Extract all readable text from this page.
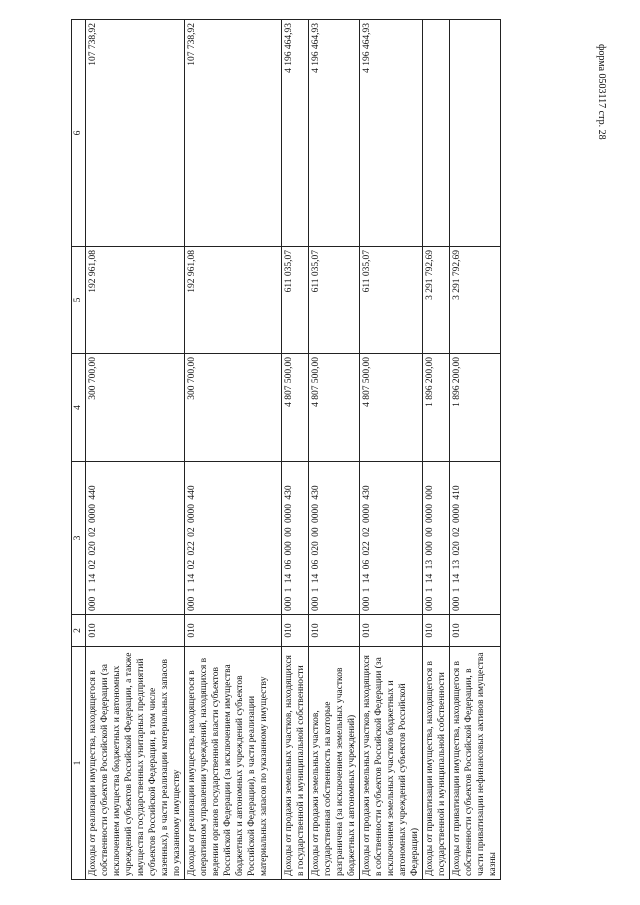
форма 0503117 стр. 28
1	2	3	4	5	6
Доходы от реализации имущества, находящегося в собственности субъектов Российской Федерации (за исключением имущества бюджетных и автономных учреждений субъектов Российской Федерации, а также имущества государственных унитарных предприятий субъектов Российской Федерации, в том числе казенных), в части реализации материальных запасов по указанному имуществу	010	000 1 14 02 020 02 0000 440	300 700,00	192 961,08	107 738,92
Доходы от реализации имущества, находящегося в оперативном управлении учреждений, находящихся в ведении органов государственной власти субъектов Российской Федерации (за исключением имущества бюджетных и автономных учреждений субъектов Российской Федерации), в части реализации материальных запасов по указанному имуществу	010	000 1 14 02 022 02 0000 440	300 700,00	192 961,08	107 738,92
Доходы от продажи земельных участков, находящихся в государственной и муниципальной собственности	010	000 1 14 06 000 00 0000 430	4 807 500,00	611 035,07	4 196 464,93
Доходы от продажи земельных участков, государственная собственность на которые разграничена (за исключением земельных участков бюджетных и автономных учреждений)	010	000 1 14 06 020 00 0000 430	4 807 500,00	611 035,07	4 196 464,93
Доходы от продажи земельных участков, находящихся в собственности субъектов Российской Федерации (за исключением земельных участков бюджетных и автономных учреждений субъектов Российской Федерации)	010	000 1 14 06 022 02 0000 430	4 807 500,00	611 035,07	4 196 464,93
Доходы от приватизации имущества, находящегося в государственной и муниципальной собственности	010	000 1 14 13 000 00 0000 000	1 896 200,00	3 291 792,69	
Доходы от приватизации имущества, находящегося в собственности субъектов Российской Федерации, в части приватизации нефинансовых активов имущества казны	010	000 1 14 13 020 02 0000 410	1 896 200,00	3 291 792,69	
